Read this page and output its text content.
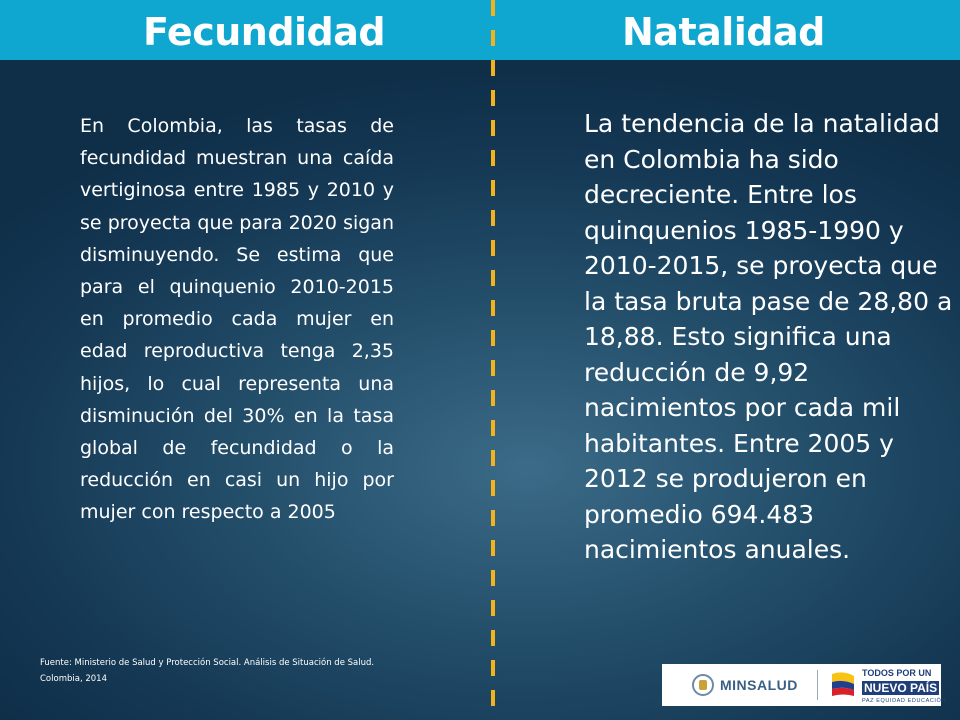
Fecundidad	Natalidad
En Colombia, las tasas de fecundidad muestran una caída vertiginosa entre 1985 y 2010 y se proyecta que para 2020 sigan disminuyendo. Se estima que para el quinquenio 2010-2015 en promedio cada mujer en edad reproductiva tenga 2,35 hijos, lo cual representa una disminución del 30% en la tasa global de fecundidad o la reducción en casi un hijo por mujer con respecto a 2005
La tendencia de la natalidad en Colombia ha sido decreciente. Entre los quinquenios 1985-1990 y 2010-2015, se proyecta que la tasa bruta pase de 28,80 a 18,88. Esto significa una reducción de 9,92 nacimientos por cada mil habitantes. Entre 2005 y 2012 se produjeron en promedio 694.483 nacimientos anuales.
Fuente: Ministerio de Salud y Protección Social. Análisis de Situación de Salud. Colombia, 2014	MINSALUD
TODOS POR UN
NUEVO PAÍS
PAZ EQUIDAD EDUCACIÓN
